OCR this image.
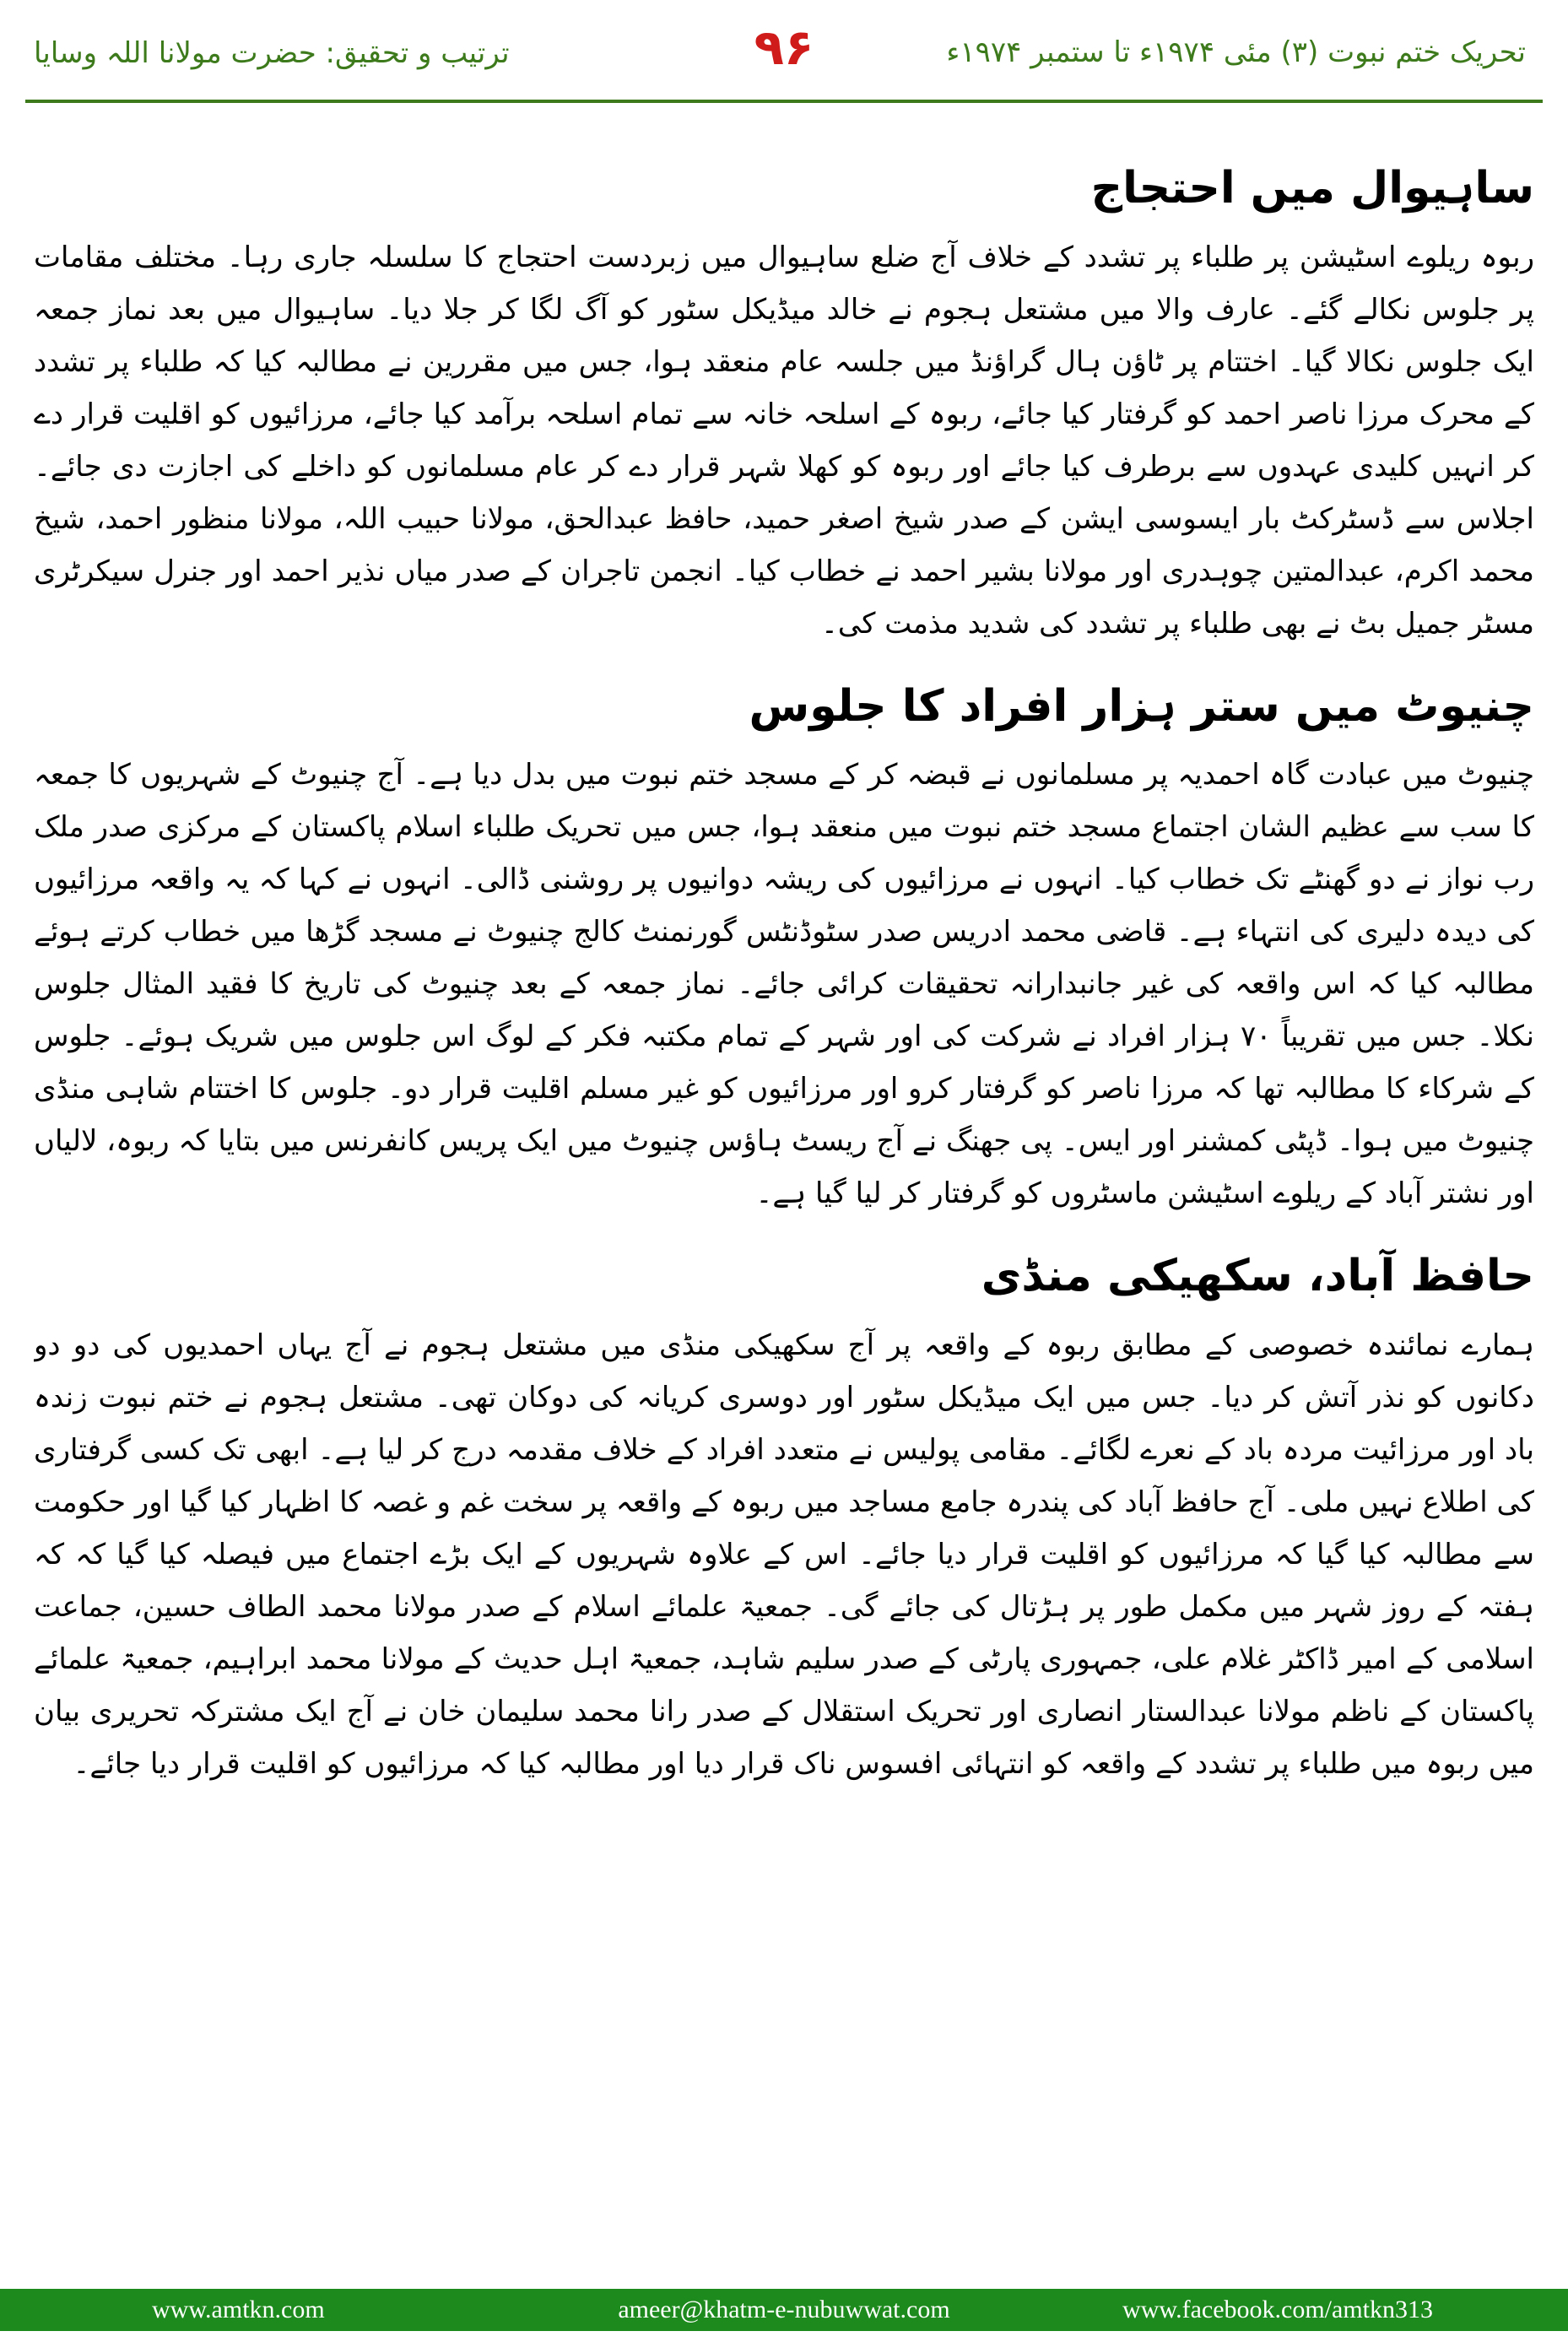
تحریک ختم نبوت (۳) مئی ۱۹۷۴ء تا ستمبر ۱۹۷۴ء
۹۶
ترتیب و تحقیق: حضرت مولانا اللہ وسایا
ساہیوال میں احتجاج

ربوہ ریلوے اسٹیشن پر طلباء پر تشدد کے خلاف آج ضلع ساہیوال میں زبردست احتجاج کا سلسلہ جاری رہا۔ مختلف مقامات پر جلوس نکالے گئے۔ عارف والا میں مشتعل ہجوم نے خالد میڈیکل سٹور کو آگ لگا کر جلا دیا۔ ساہیوال میں بعد نماز جمعہ ایک جلوس نکالا گیا۔ اختتام پر ٹاؤن ہال گراؤنڈ میں جلسہ عام منعقد ہوا، جس میں مقررین نے مطالبہ کیا کہ طلباء پر تشدد کے محرک مرزا ناصر احمد کو گرفتار کیا جائے، ربوہ کے اسلحہ خانہ سے تمام اسلحہ برآمد کیا جائے، مرزائیوں کو اقلیت قرار دے کر انہیں کلیدی عہدوں سے برطرف کیا جائے اور ربوہ کو کھلا شہر قرار دے کر عام مسلمانوں کو داخلے کی اجازت دی جائے۔ اجلاس سے ڈسٹرکٹ بار ایسوسی ایشن کے صدر شیخ اصغر حمید، حافظ عبدالحق، مولانا حبیب اللہ، مولانا منظور احمد، شیخ محمد اکرم، عبدالمتین چوہدری اور مولانا بشیر احمد نے خطاب کیا۔ انجمن تاجران کے صدر میاں نذیر احمد اور جنرل سیکرٹری مسٹر جمیل بٹ نے بھی طلباء پر تشدد کی شدید مذمت کی۔

چنیوٹ میں ستر ہزار افراد کا جلوس

چنیوٹ میں عبادت گاہ احمدیہ پر مسلمانوں نے قبضہ کر کے مسجد ختم نبوت میں بدل دیا ہے۔ آج چنیوٹ کے شہریوں کا جمعہ کا سب سے عظیم الشان اجتماع مسجد ختم نبوت میں منعقد ہوا، جس میں تحریک طلباء اسلام پاکستان کے مرکزی صدر ملک رب نواز نے دو گھنٹے تک خطاب کیا۔ انہوں نے مرزائیوں کی ریشہ دوانیوں پر روشنی ڈالی۔ انہوں نے کہا کہ یہ واقعہ مرزائیوں کی دیدہ دلیری کی انتہاء ہے۔ قاضی محمد ادریس صدر سٹوڈنٹس گورنمنٹ کالج چنیوٹ نے مسجد گڑھا میں خطاب کرتے ہوئے مطالبہ کیا کہ اس واقعہ کی غیر جانبدارانہ تحقیقات کرائی جائے۔ نماز جمعہ کے بعد چنیوٹ کی تاریخ کا فقید المثال جلوس نکلا۔ جس میں تقریباً ۷۰ ہزار افراد نے شرکت کی اور شہر کے تمام مکتبہ فکر کے لوگ اس جلوس میں شریک ہوئے۔ جلوس کے شرکاء کا مطالبہ تھا کہ مرزا ناصر کو گرفتار کرو اور مرزائیوں کو غیر مسلم اقلیت قرار دو۔ جلوس کا اختتام شاہی منڈی چنیوٹ میں ہوا۔ ڈپٹی کمشنر اور ایس۔ پی جھنگ نے آج ریسٹ ہاؤس چنیوٹ میں ایک پریس کانفرنس میں بتایا کہ ربوہ، لالیاں اور نشتر آباد کے ریلوے اسٹیشن ماسٹروں کو گرفتار کر لیا گیا ہے۔

حافظ آباد، سکھیکی منڈی

ہمارے نمائندہ خصوصی کے مطابق ربوہ کے واقعہ پر آج سکھیکی منڈی میں مشتعل ہجوم نے آج یہاں احمدیوں کی دو دو دکانوں کو نذر آتش کر دیا۔ جس میں ایک میڈیکل سٹور اور دوسری کریانہ کی دوکان تھی۔ مشتعل ہجوم نے ختم نبوت زندہ باد اور مرزائیت مردہ باد کے نعرے لگائے۔ مقامی پولیس نے متعدد افراد کے خلاف مقدمہ درج کر لیا ہے۔ ابھی تک کسی گرفتاری کی اطلاع نہیں ملی۔ آج حافظ آباد کی پندرہ جامع مساجد میں ربوہ کے واقعہ پر سخت غم و غصہ کا اظہار کیا گیا اور حکومت سے مطالبہ کیا گیا کہ مرزائیوں کو اقلیت قرار دیا جائے۔ اس کے علاوہ شہریوں کے ایک بڑے اجتماع میں فیصلہ کیا گیا کہ کہ ہفتہ کے روز شہر میں مکمل طور پر ہڑتال کی جائے گی۔ جمعیۃ علمائے اسلام کے صدر مولانا محمد الطاف حسین، جماعت اسلامی کے امیر ڈاکٹر غلام علی، جمہوری پارٹی کے صدر سلیم شاہد، جمعیۃ اہل حدیث کے مولانا محمد ابراہیم، جمعیۃ علمائے پاکستان کے ناظم مولانا عبدالستار انصاری اور تحریک استقلال کے صدر رانا محمد سلیمان خان نے آج ایک مشترکہ تحریری بیان میں ربوہ میں طلباء پر تشدد کے واقعہ کو انتہائی افسوس ناک قرار دیا اور مطالبہ کیا کہ مرزائیوں کو اقلیت قرار دیا جائے۔

www.amtkn.com	ameer@khatm-e-nubuwwat.com	www.facebook.com/amtkn313
